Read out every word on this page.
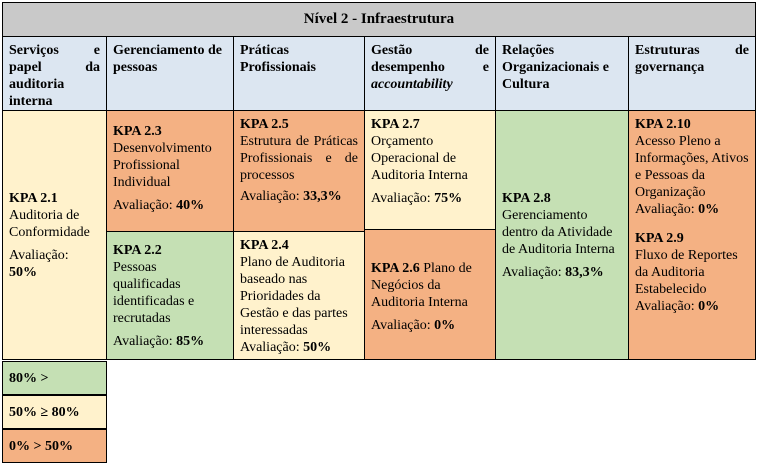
Nível 2 - Infraestrutura
Serviços e papel da auditoria interna
Gerenciamento de pessoas
Práticas Profissionais
Gestão de desempenho e accountability
Relações Organizacionais e Cultura
Estruturas de governança
KPA 2.1
Auditoria de Conformidade
Avaliação: 50%
KPA 2.3
Desenvolvimento Profissional Individual
Avaliação: 40%
KPA 2.2
Pessoas qualificadas identificadas e recrutadas
Avaliação: 85%
KPA 2.5
Estrutura de Práticas Profissionais e de processos
Avaliação: 33,3%
KPA 2.4
Plano de Auditoria baseado nas Prioridades da Gestão e das partes interessadas
Avaliação: 50%
KPA 2.7
Orçamento Operacional de Auditoria Interna
Avaliação: 75%
KPA 2.6 Plano de Negócios da Auditoria Interna
Avaliação: 0%
KPA 2.8
Gerenciamento dentro da Atividade de Auditoria Interna
Avaliação: 83,3%
KPA 2.10
Acesso Pleno a Informações, Ativos e Pessoas da Organização
Avaliação: 0%
KPA 2.9
Fluxo de Reportes da Auditoria Estabelecido
Avaliação: 0%
80% >
50% ≥ 80%
0% > 50%
